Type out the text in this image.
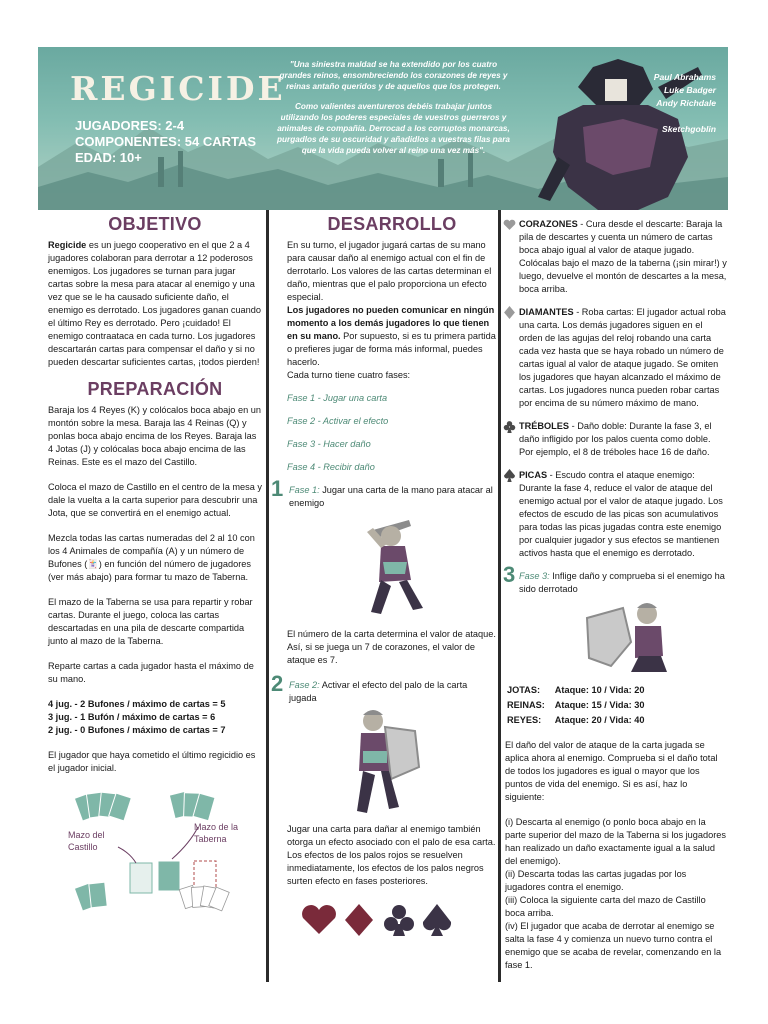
REGICIDE
JUGADORES: 2-4
COMPONENTES: 54 CARTAS
EDAD: 10+

"Una siniestra maldad se ha extendido por los cuatro grandes reinos, ensombreciendo los corazones de reyes y reinas antaño queridos y de aquellos que los protegen.

Como valientes aventureros debéis trabajar juntos utilizando los poderes especiales de vuestros guerreros y animales de compañía. Derrocad a los corruptos monarcas, purgadlos de su oscuridad y añadidlos a vuestras filas para que la vida pueda volver al reino una vez más".

Paul Abrahams
Luke Badger
Andy Richdale
Sketchgoblin
OBJETIVO

Regicide es un juego cooperativo en el que 2 a 4 jugadores colaboran para derrotar a 12 poderosos enemigos. Los jugadores se turnan para jugar cartas sobre la mesa para atacar al enemigo y una vez que se le ha causado suficiente daño, el enemigo es derrotado. Los jugadores ganan cuando el último Rey es derrotado. Pero ¡cuidado! El enemigo contraataca en cada turno. Los jugadores descartarán cartas para compensar el daño y si no pueden descartar suficientes cartas, ¡todos pierden!

PREPARACIÓN

Baraja los 4 Reyes (K) y colócalos boca abajo en un montón sobre la mesa. Baraja las 4 Reinas (Q) y ponlas boca abajo encima de los Reyes. Baraja las 4 Jotas (J) y colócalas boca abajo encima de las Reinas. Este es el mazo del Castillo.

Coloca el mazo de Castillo en el centro de la mesa y dale la vuelta a la carta superior para descubrir una Jota, que se convertirá en el enemigo actual.

Mezcla todas las cartas numeradas del 2 al 10 con los 4 Animales de compañía (A) y un número de Bufones (🃏) en función del número de jugadores (ver más abajo) para formar tu mazo de Taberna.

El mazo de la Taberna se usa para repartir y robar cartas. Durante el juego, coloca las cartas descartadas en una pila de descarte compartida junto al mazo de la Taberna.

Reparte cartas a cada jugador hasta el máximo de su mano.

4 jug. - 2 Bufones / máximo de cartas = 5
3 jug. - 1 Bufón / máximo de cartas = 6
2 jug. - 0 Bufones / máximo de cartas = 7

El jugador que haya cometido el último regicidio es el jugador inicial.

Mazo del Castillo
Mazo de la Taberna
DESARROLLO

En su turno, el jugador jugará cartas de su mano para causar daño al enemigo actual con el fin de derrotarlo. Los valores de las cartas determinan el daño, mientras que el palo proporciona un efecto especial.

Los jugadores no pueden comunicar en ningún momento a los demás jugadores lo que tienen en su mano. Por supuesto, si es tu primera partida o prefieres jugar de forma más informal, puedes hacerlo.

Cada turno tiene cuatro fases:

Fase 1 - Jugar una carta
Fase 2 - Activar el efecto
Fase 3 - Hacer daño
Fase 4 - Recibir daño
1 Fase 1: Jugar una carta de la mano para atacar al enemigo

El número de la carta determina el valor de ataque. Así, si se juega un 7 de corazones, el valor de ataque es 7.

2 Fase 2: Activar el efecto del palo de la carta jugada

Jugar una carta para dañar al enemigo también otorga un efecto asociado con el palo de esa carta. Los efectos de los palos rojos se resuelven inmediatamente, los efectos de los palos negros surten efecto en fases posteriores.

CORAZONES - Cura desde el descarte: Baraja la pila de descartes y cuenta un número de cartas boca abajo igual al valor de ataque jugado. Colócalas bajo el mazo de la taberna (¡sin mirar!) y luego, devuelve el montón de descartes a la mesa, boca arriba.
DIAMANTES - Roba cartas: El jugador actual roba una carta. Los demás jugadores siguen en el orden de las agujas del reloj robando una carta cada vez hasta que se haya robado un número de cartas igual al valor de ataque jugado. Se omiten los jugadores que hayan alcanzado el máximo de cartas. Los jugadores nunca pueden robar cartas por encima de su número máximo de mano.
TRÉBOLES - Daño doble: Durante la fase 3, el daño infligido por los palos cuenta como doble. Por ejemplo, el 8 de tréboles hace 16 de daño.
PICAS - Escudo contra el ataque enemigo: Durante la fase 4, reduce el valor de ataque del enemigo actual por el valor de ataque jugado. Los efectos de escudo de las picas son acumulativos para todas las picas jugadas contra este enemigo por cualquier jugador y sus efectos se mantienen activos hasta que el enemigo es derrotado.
3 Fase 3: Inflige daño y comprueba si el enemigo ha sido derrotado
JOTAS:	Ataque: 10 / Vida: 20
REINAS:	Ataque: 15 / Vida: 30
REYES:	Ataque: 20 / Vida: 40

El daño del valor de ataque de la carta jugada se aplica ahora al enemigo. Comprueba si el daño total de todos los jugadores es igual o mayor que los puntos de vida del enemigo. Si es así, haz lo siguiente:

(i) Descarta al enemigo (o ponlo boca abajo en la parte superior del mazo de la Taberna si los jugadores han realizado un daño exactamente igual a la salud del enemigo).
(ii) Descarta todas las cartas jugadas por los jugadores contra el enemigo.
(iii) Coloca la siguiente carta del mazo de Castillo boca arriba.
(iv) El jugador que acaba de derrotar al enemigo se salta la fase 4 y comienza un nuevo turno contra el enemigo que se acaba de revelar, comenzando en la fase 1.
